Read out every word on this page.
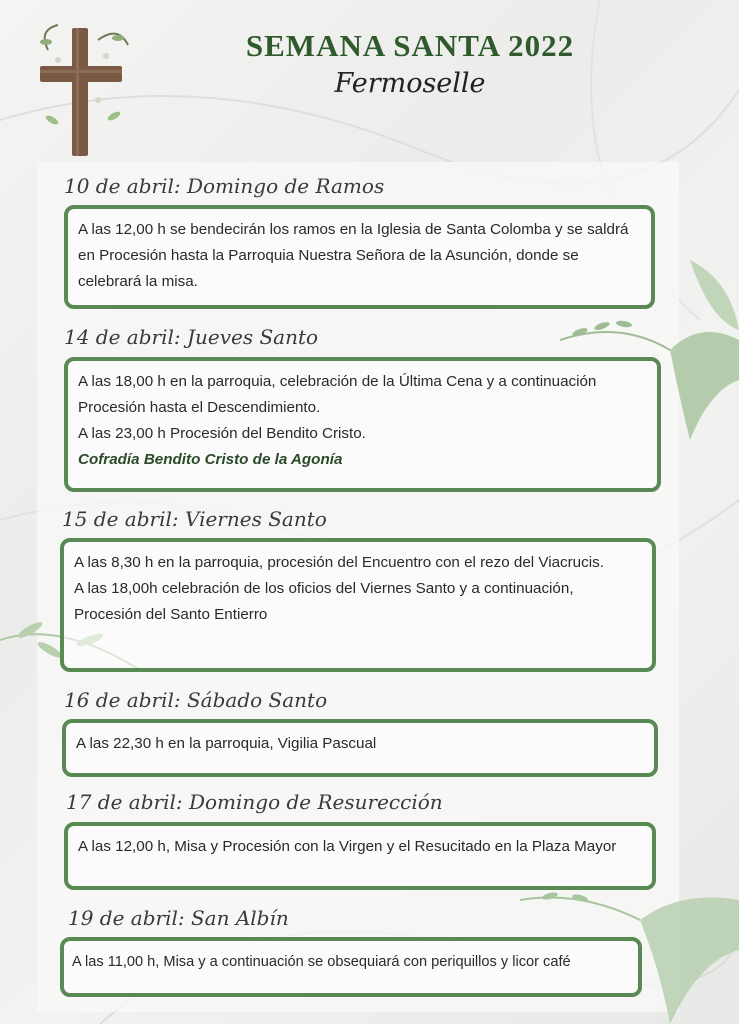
SEMANA SANTA 2022
Fermoselle
10 de abril: Domingo de Ramos

A las 12,00 h se bendecirán los ramos en la Iglesia de Santa Colomba y se saldrá en Procesión hasta la Parroquia Nuestra Señora de la Asunción, donde se celebrará la misa.

14 de abril: Jueves Santo

A las 18,00 h en la parroquia, celebración de la Última Cena y a continuación Procesión hasta el Descendimiento.

A las 23,00 h Procesión del Bendito Cristo.

Cofradía Bendito Cristo de la Agonía

15 de abril: Viernes Santo

A las 8,30 h en la parroquia, procesión del Encuentro con el rezo del Viacrucis.

A las 18,00h celebración de los oficios del Viernes Santo y a continuación, Procesión del Santo Entierro

16 de abril: Sábado Santo

A las 22,30 h en la parroquia, Vigilia Pascual

17 de abril: Domingo de Resurección

A las 12,00 h, Misa y Procesión con la Virgen y el Resucitado en la Plaza Mayor

19 de abril: San Albín

A las 11,00 h, Misa y a continuación se obsequiará con periquillos y licor café
